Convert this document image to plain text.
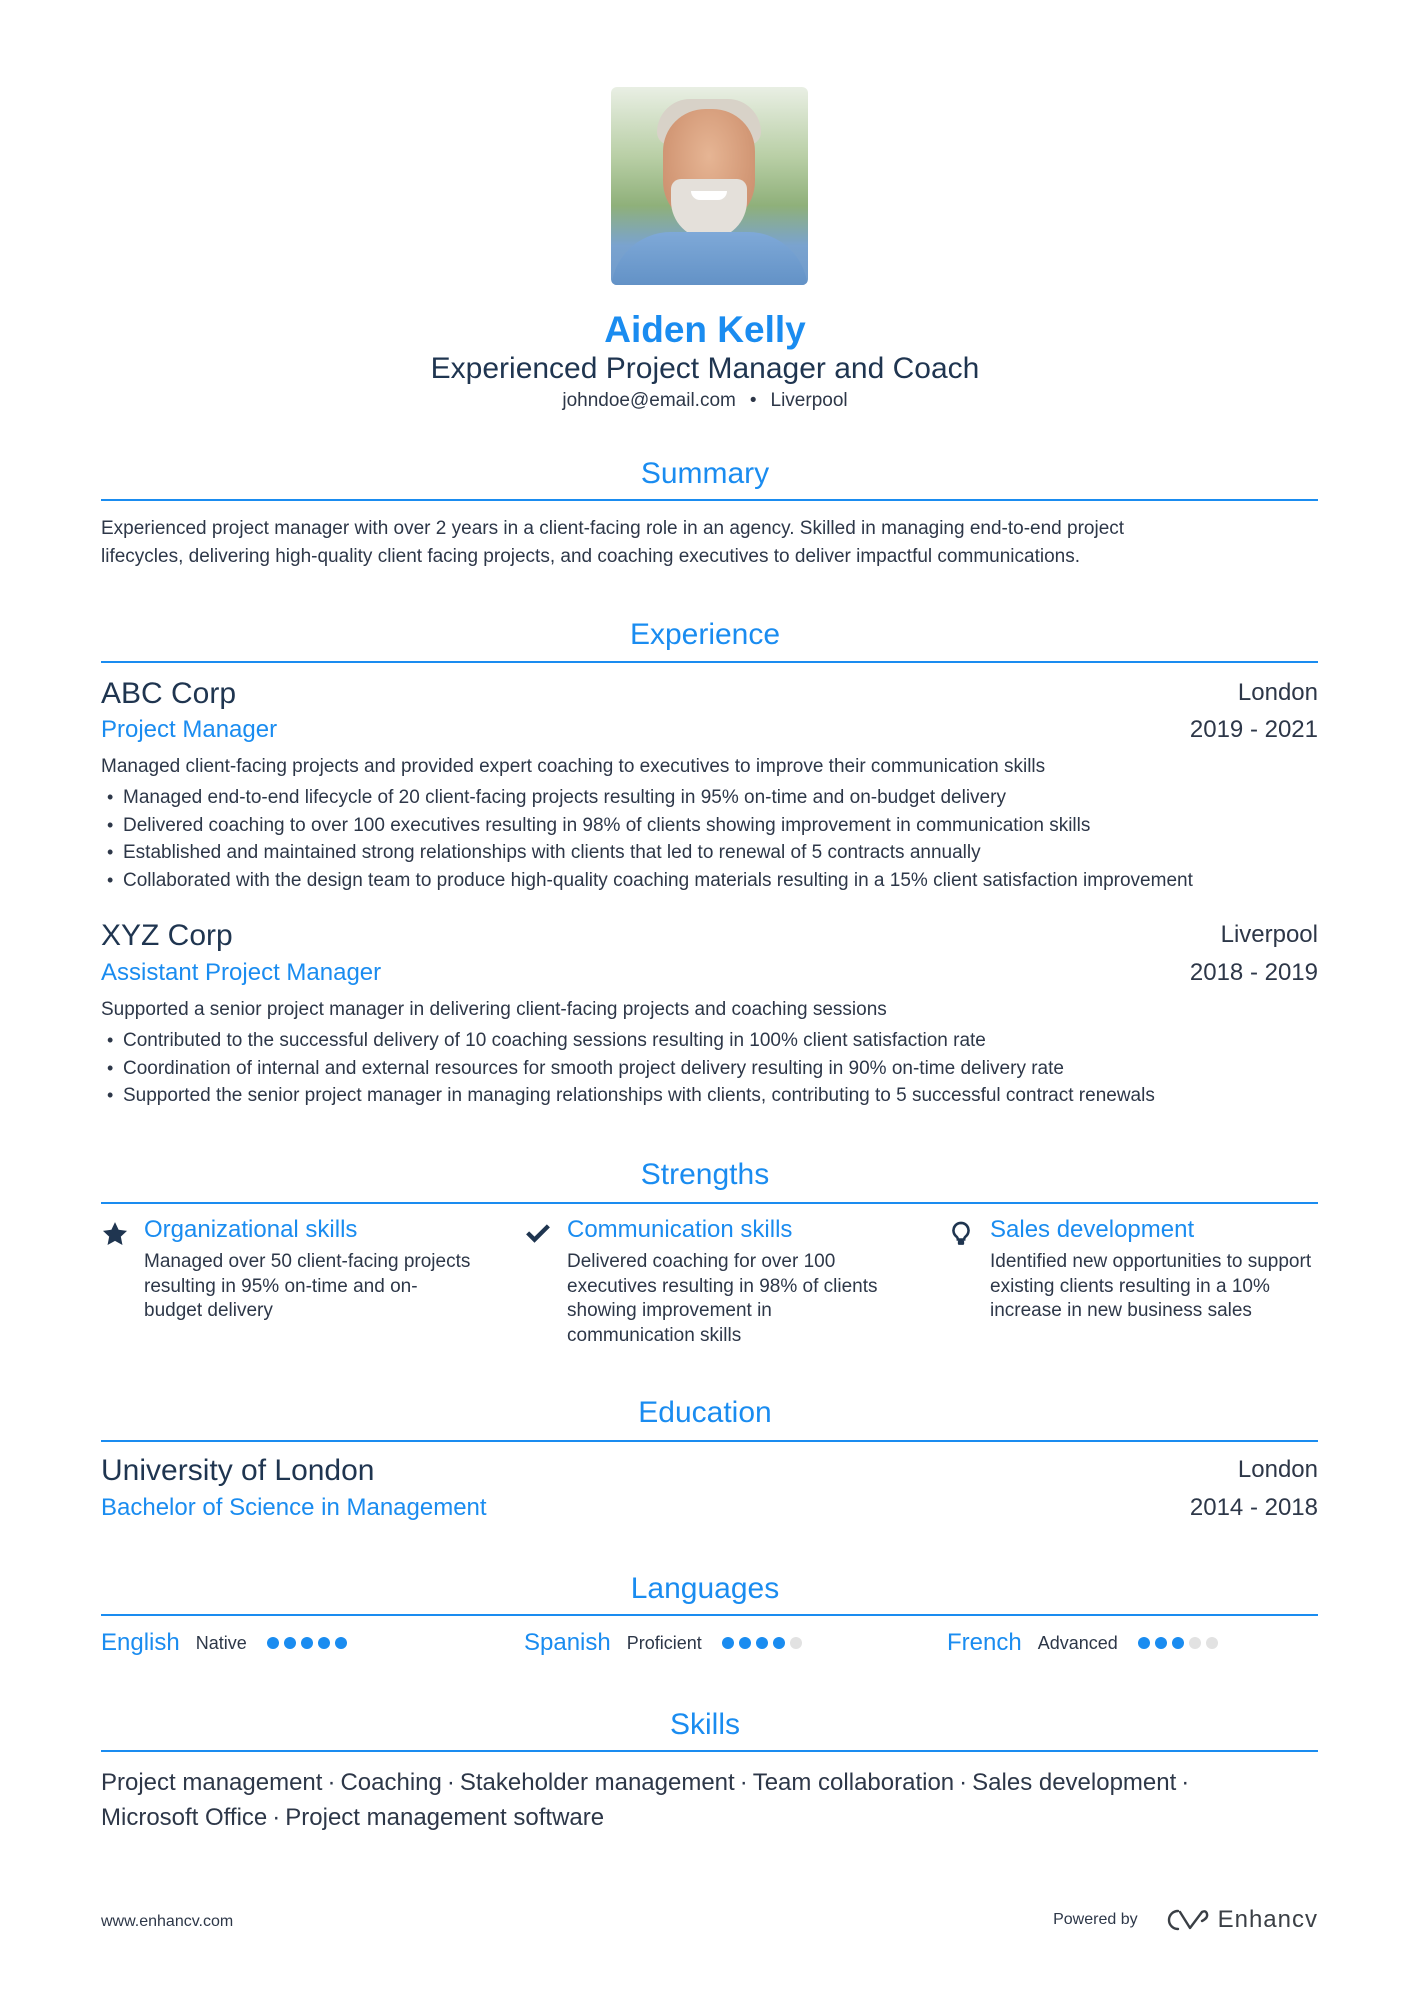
Aiden Kelly
Experienced Project Manager and Coach
johndoe@email.com • Liverpool
Summary
Experienced project manager with over 2 years in a client-facing role in an agency. Skilled in managing end-to-end project
lifecycles, delivering high-quality client facing projects, and coaching executives to deliver impactful communications.
Experience
ABC Corp	London
Project Manager	2019 - 2021
Managed client-facing projects and provided expert coaching to executives to improve their communication skills
• Managed end-to-end lifecycle of 20 client-facing projects resulting in 95% on-time and on-budget delivery
• Delivered coaching to over 100 executives resulting in 98% of clients showing improvement in communication skills
• Established and maintained strong relationships with clients that led to renewal of 5 contracts annually
• Collaborated with the design team to produce high-quality coaching materials resulting in a 15% client satisfaction improvement
XYZ Corp	Liverpool
Assistant Project Manager	2018 - 2019
Supported a senior project manager in delivering client-facing projects and coaching sessions
• Contributed to the successful delivery of 10 coaching sessions resulting in 100% client satisfaction rate
• Coordination of internal and external resources for smooth project delivery resulting in 90% on-time delivery rate
• Supported the senior project manager in managing relationships with clients, contributing to 5 successful contract renewals
Strengths
Organizational skills
Managed over 50 client-facing projects resulting in 95% on-time and on-budget delivery
Communication skills
Delivered coaching for over 100 executives resulting in 98% of clients showing improvement in communication skills
Sales development
Identified new opportunities to support existing clients resulting in a 10% increase in new business sales
Education
University of London	London
Bachelor of Science in Management	2014 - 2018
Languages
English Native	Spanish Proficient	French Advanced
Skills
Project management · Coaching · Stakeholder management · Team collaboration · Sales development ·
Microsoft Office · Project management software
www.enhancv.com	Powered by	Enhancv
